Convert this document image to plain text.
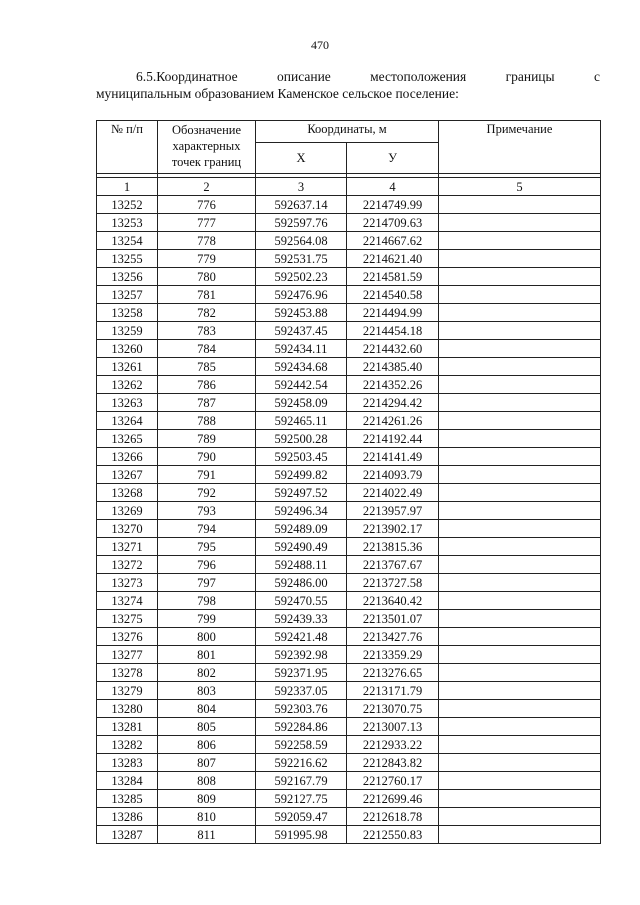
470
6.5.Координатное	описание	местоположения	границы	с
муниципальным образованием Каменское сельское поселение:
№ п/п	Обозначение
характерных
точек границ	Координаты, м		Примечание
		X	У	

1	2	3	4	5
13252	776	592637.14	2214749.99	
13253	777	592597.76	2214709.63	
13254	778	592564.08	2214667.62	
13255	779	592531.75	2214621.40	
13256	780	592502.23	2214581.59	
13257	781	592476.96	2214540.58	
13258	782	592453.88	2214494.99	
13259	783	592437.45	2214454.18	
13260	784	592434.11	2214432.60	
13261	785	592434.68	2214385.40	
13262	786	592442.54	2214352.26	
13263	787	592458.09	2214294.42	
13264	788	592465.11	2214261.26	
13265	789	592500.28	2214192.44	
13266	790	592503.45	2214141.49	
13267	791	592499.82	2214093.79	
13268	792	592497.52	2214022.49	
13269	793	592496.34	2213957.97	
13270	794	592489.09	2213902.17	
13271	795	592490.49	2213815.36	
13272	796	592488.11	2213767.67	
13273	797	592486.00	2213727.58	
13274	798	592470.55	2213640.42	
13275	799	592439.33	2213501.07	
13276	800	592421.48	2213427.76	
13277	801	592392.98	2213359.29	
13278	802	592371.95	2213276.65	
13279	803	592337.05	2213171.79	
13280	804	592303.76	2213070.75	
13281	805	592284.86	2213007.13	
13282	806	592258.59	2212933.22	
13283	807	592216.62	2212843.82	
13284	808	592167.79	2212760.17	
13285	809	592127.75	2212699.46	
13286	810	592059.47	2212618.78	
13287	811	591995.98	2212550.83	
